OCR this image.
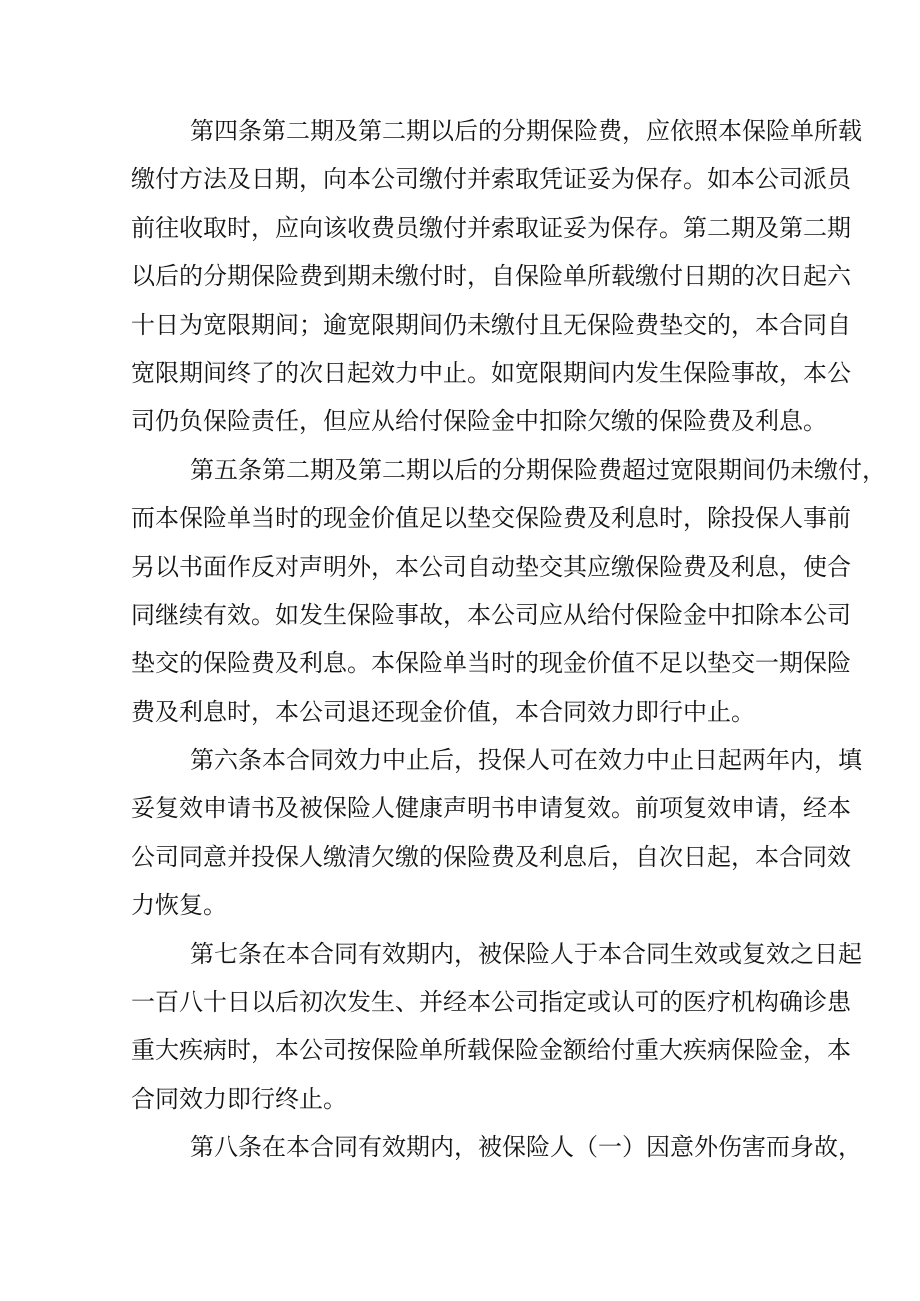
第四条第二期及第二期以后的分期保险费，应依照本保险单所载
缴付方法及日期，向本公司缴付并索取凭证妥为保存。如本公司派员
前往收取时，应向该收费员缴付并索取证妥为保存。第二期及第二期
以后的分期保险费到期未缴付时，自保险单所载缴付日期的次日起六
十日为宽限期间；逾宽限期间仍未缴付且无保险费垫交的，本合同自
宽限期间终了的次日起效力中止。如宽限期间内发生保险事故，本公
司仍负保险责任，但应从给付保险金中扣除欠缴的保险费及利息。
第五条第二期及第二期以后的分期保险费超过宽限期间仍未缴付，
而本保险单当时的现金价值足以垫交保险费及利息时，除投保人事前
另以书面作反对声明外，本公司自动垫交其应缴保险费及利息，使合
同继续有效。如发生保险事故，本公司应从给付保险金中扣除本公司
垫交的保险费及利息。本保险单当时的现金价值不足以垫交一期保险
费及利息时，本公司退还现金价值，本合同效力即行中止。
第六条本合同效力中止后，投保人可在效力中止日起两年内，填
妥复效申请书及被保险人健康声明书申请复效。前项复效申请，经本
公司同意并投保人缴清欠缴的保险费及利息后，自次日起，本合同效
力恢复。
第七条在本合同有效期内，被保险人于本合同生效或复效之日起
一百八十日以后初次发生、并经本公司指定或认可的医疗机构确诊患
重大疾病时，本公司按保险单所载保险金额给付重大疾病保险金，本
合同效力即行终止。
第八条在本合同有效期内，被保险人（一）因意外伤害而身故，
